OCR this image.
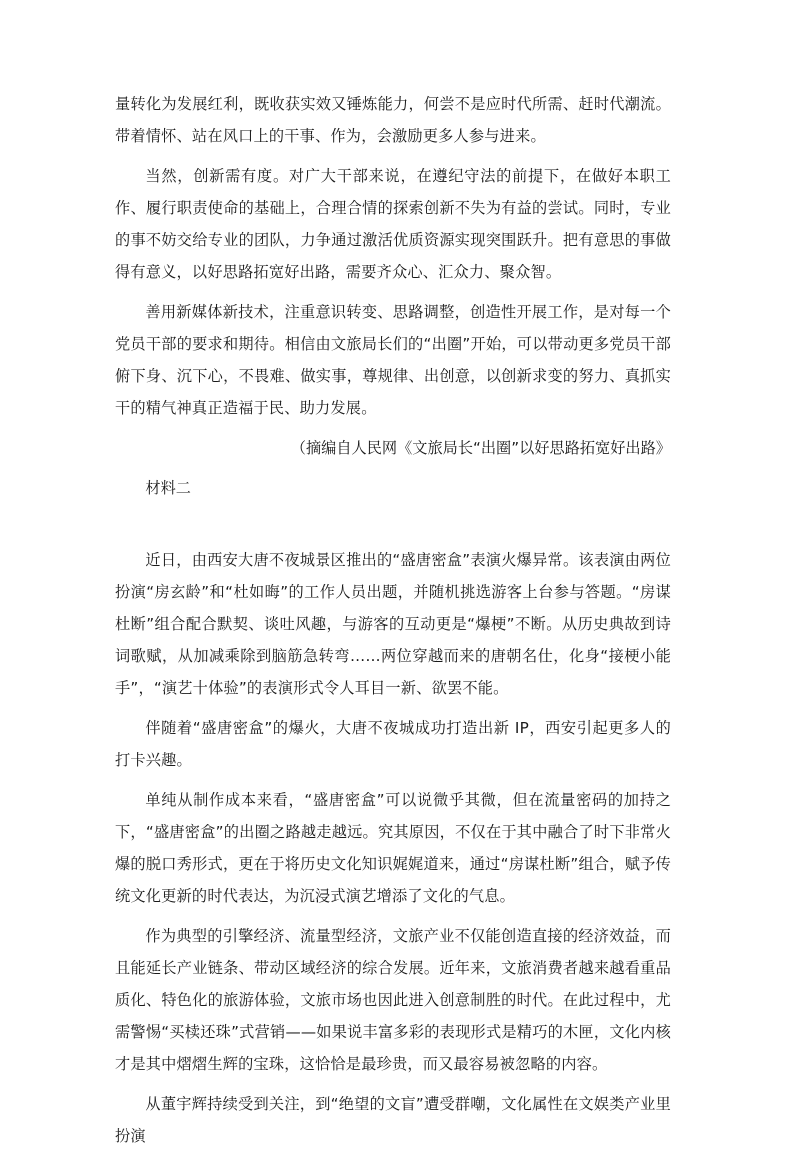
量转化为发展红利，既收获实效又锤炼能力，何尝不是应时代所需、赶时代潮流。带着情怀、站在风口上的干事、作为，会激励更多人参与进来。

当然，创新需有度。对广大干部来说，在遵纪守法的前提下，在做好本职工作、履行职责使命的基础上，合理合情的探索创新不失为有益的尝试。同时，专业的事不妨交给专业的团队，力争通过激活优质资源实现突围跃升。把有意思的事做得有意义，以好思路拓宽好出路，需要齐众心、汇众力、聚众智。

善用新媒体新技术，注重意识转变、思路调整，创造性开展工作，是对每一个党员干部的要求和期待。相信由文旅局长们的“出圈”开始，可以带动更多党员干部俯下身、沉下心，不畏难、做实事，尊规律、出创意，以创新求变的努力、真抓实干的精气神真正造福于民、助力发展。

（摘编自人民网《文旅局长“出圈”以好思路拓宽好出路》

材料二

近日，由西安大唐不夜城景区推出的“盛唐密盒”表演火爆异常。该表演由两位扮演“房玄龄”和“杜如晦”的工作人员出题，并随机挑选游客上台参与答题。“房谋杜断”组合配合默契、谈吐风趣，与游客的互动更是“爆梗”不断。从历史典故到诗词歌赋，从加减乘除到脑筋急转弯……两位穿越而来的唐朝名仕，化身“接梗小能手”，“演艺十体验”的表演形式令人耳目一新、欲罢不能。

伴随着“盛唐密盒”的爆火，大唐不夜城成功打造出新 IP，西安引起更多人的打卡兴趣。

单纯从制作成本来看，“盛唐密盒”可以说微乎其微，但在流量密码的加持之下，“盛唐密盒”的出圈之路越走越远。究其原因，不仅在于其中融合了时下非常火爆的脱口秀形式，更在于将历史文化知识娓娓道来，通过“房谋杜断”组合，赋予传统文化更新的时代表达，为沉浸式演艺增添了文化的气息。

作为典型的引擎经济、流量型经济，文旅产业不仅能创造直接的经济效益，而且能延长产业链条、带动区域经济的综合发展。近年来，文旅消费者越来越看重品质化、特色化的旅游体验，文旅市场也因此进入创意制胜的时代。在此过程中，尤需警惕“买椟还珠”式营销——如果说丰富多彩的表现形式是精巧的木匣，文化内核才是其中熠熠生辉的宝珠，这恰恰是最珍贵，而又最容易被忽略的内容。

从董宇辉持续受到关注，到“绝望的文盲”遭受群嘲，文化属性在文娱类产业里扮演
